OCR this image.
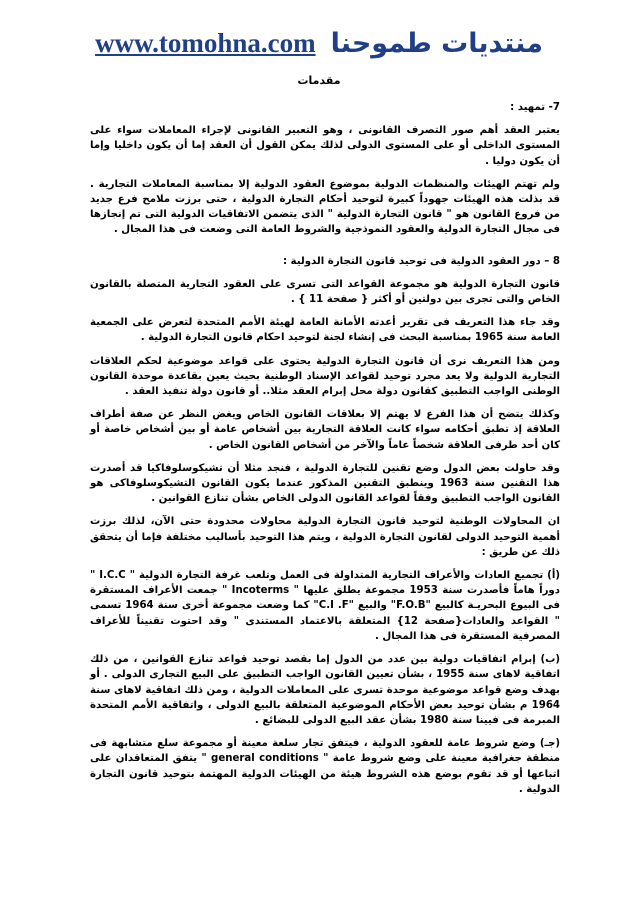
www.tomohna.com منتديات طموحنا
مقدمات

7- تمهيد :

يعتبر العقد أهم صور التصرف القانونى ، وهو التعبير القانونى لإجراء المعاملات سواء على المستوى الداخلى أو على المستوى الدولى لذلك يمكن القول أن العقد إما أن يكون داخليا وإما أن يكون دوليا .

ولم تهتم الهيئات والمنظمات الدولية بموضوع العقود الدولية إلا بمناسبة المعاملات التجارية . قد بذلت هذه الهيئات جهوداً كبيرة لتوحيد أحكام التجارة الدولية ، حتى برزت ملامح فرع جديد من فروع القانون هو " قانون التجارة الدولية " الذى يتضمن الاتفاقيات الدولية التى تم إنجازها فى مجال التجارة الدولية والعقود النموذجية والشروط العامة التى وضعت فى هذا المجال .

8 – دور العقود الدولية فى توحيد قانون التجارة الدولية :

قانون التجارة الدولية هو مجموعة القواعد التى تسرى على العقود التجارية المتصلة بالقانون الخاص والتى تجرى بين دولتين أو أكثر { صفحة 11 } .

وقد جاء هذا التعريف فى تقرير أعدته الأمانة العامة لهيئة الأمم المتحدة لتعرض على الجمعية العامة سنة 1965 بمناسبة البحث فى إنشاء لجنة لتوحيد احكام قانون التجارة الدولية .

ومن هذا التعريف نرى أن قانون التجارة الدولية يحتوى على قواعد موضوعية لحكم العلاقات التجارية الدولية ولا يعد مجرد توحيد لقواعد الإسناد الوطنية بحيث يعين بقاعدة موحدة القانون الوطنى الواجب التطبيق كقانون دولة محل إبرام العقد مثلا.. أو قانون دولة تنفيذ العقد .

وكذلك يتضح أن هذا الفرع لا يهتم إلا بعلاقات القانون الخاص ويغض النظر عن صفة أطراف العلاقة إذ تطبق أحكامه سواء كانت العلاقة التجارية بين أشخاص عامة أو بين أشخاص خاصة أو كان أحد طرفى العلاقة شخصاً عاماً والآخر من أشخاص القانون الخاص .

وقد حاولت بعض الدول وضع تقنين للتجارة الدولية ، فنجد مثلا أن تشيكوسلوفاكيا قد أصدرت هذا التقنين سنة 1963 وينطبق التقنين المذكور عندما يكون القانون التشيكوسلوفاكى هو القانون الواجب التطبيق وفقاً لقواعد القانون الدولى الخاص بشأن تنازع القوانين .

ان المحاولات الوطنية لتوحيد قانون التجارة الدولية محاولات محدودة حتى الآن، لذلك برزت أهمية التوحيد الدولى لقانون التجارة الدولية ، ويتم هذا التوحيد بأساليب مختلفة فإما أن يتحقق ذلك عن طريق :

(أ) تجميع العادات والأعراف التجارية المتداولة فى العمل وتلعب غرفة التجارة الدولية " I.C.C " دوراً هاماً فأصدرت سنة 1953 مجموعة يطلق عليها " Incoterms " جمعت الأعراف المستقرة فى البيوع البحريـة كالبيع "F.O.B" والبيع "C.I .F" كما وضعت مجموعة أخرى سنة 1964 تسمى " القواعد والعادات{صفحة 12} المتعلقة بالاعتماد المستندى " وقد احتوت تقنيناً للأعراف المصرفية المستقرة فى هذا المجال .

(ب) إبرام اتفاقيات دولية بين عدد من الدول إما بقصد توحيد قواعد تنازع القوانين ، من ذلك اتفاقية لاهاى سنة 1955 ، بشأن تعيين القانون الواجب التطبيق على البيع التجارى الدولى . أو بهدف وضع قواعد موضوعية موحدة تسرى على المعاملات الدولية ، ومن ذلك اتفاقية لاهاى سنة 1964 م بشأن توحيد بعض الأحكام الموضوعية المتعلقة بالبيع الدولى ، واتفاقية الأمم المتحدة المبرمة فى فيينا سنة 1980 بشأن عقد البيع الدولى للبضائع .

(جـ) وضع شروط عامة للعقود الدولية ، فيتفق تجار سلعة معينة أو مجموعة سلع متشابهة فى منطقة جغرافية معينة على وضع شروط عامة " general conditions " يتفق المتعاقدان على اتباعها أو قد تقوم بوضع هذه الشروط هيئة من الهيئات الدولية المهتمة بتوحيد قانون التجارة الدولية .
